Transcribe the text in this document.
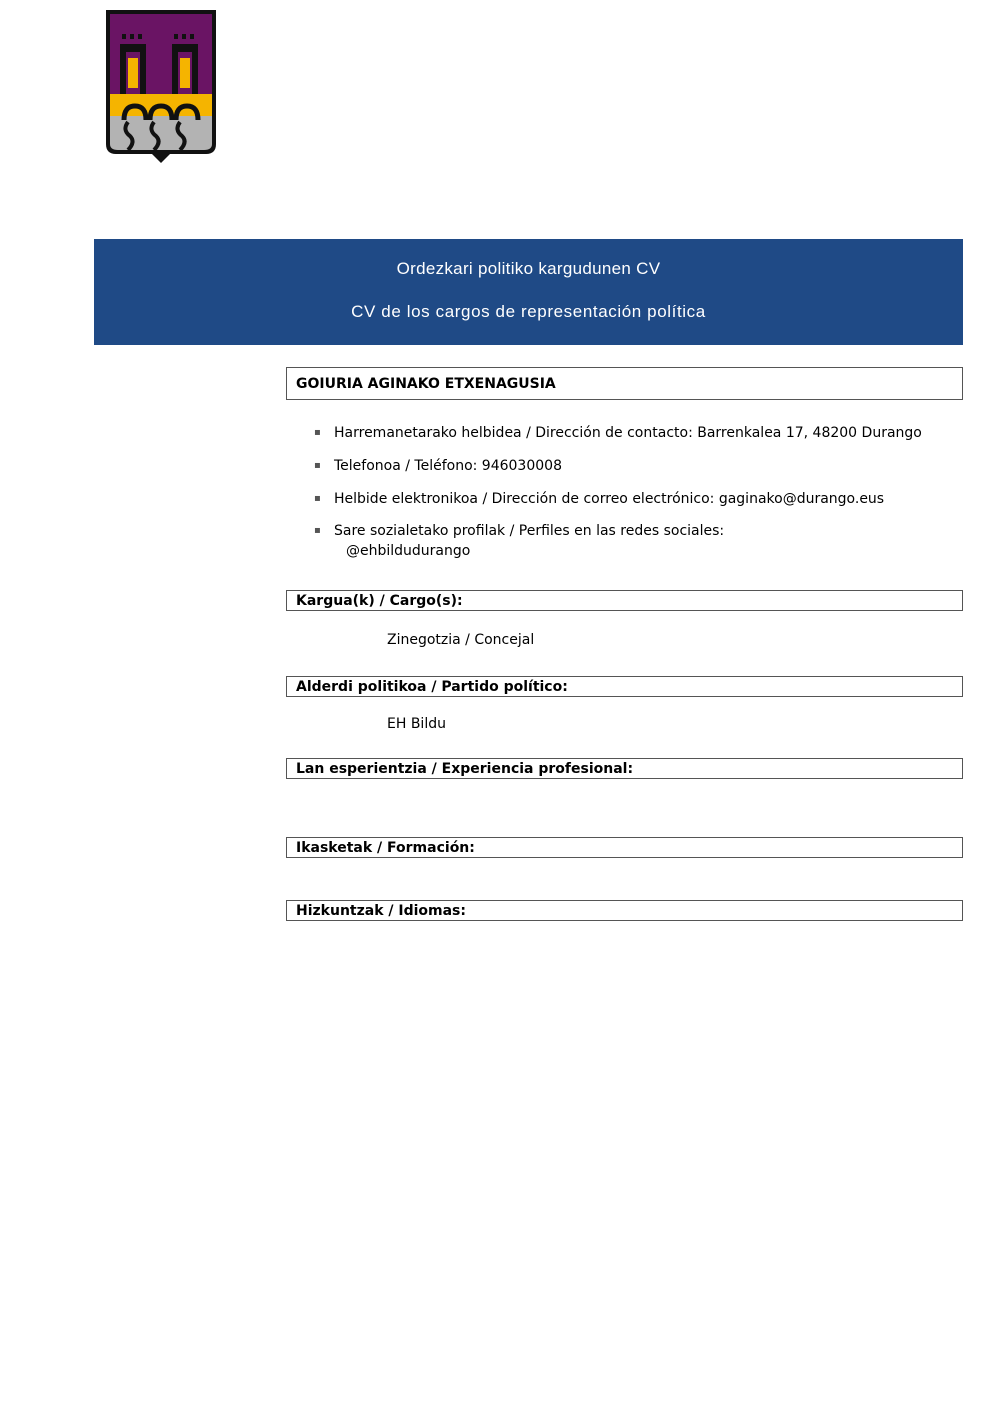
Ordezkari politiko kargudunen CV
CV de los cargos de representación política
GOIURIA AGINAKO ETXENAGUSIA
▪ Harremanetarako helbidea / Dirección de contacto: Barrenkalea 17, 48200 Durango
▪ Telefonoa / Teléfono: 946030008
▪ Helbide elektronikoa / Dirección de correo electrónico: gaginako@durango.eus
▪ Sare sozialetako profilak / Perfiles en las redes sociales:
@ehbildudurango
Kargua(k) / Cargo(s):
Zinegotzia / Concejal
Alderdi politikoa / Partido político:
EH Bildu
Lan esperientzia / Experiencia profesional:
Ikasketak / Formación:
Hizkuntzak / Idiomas:
